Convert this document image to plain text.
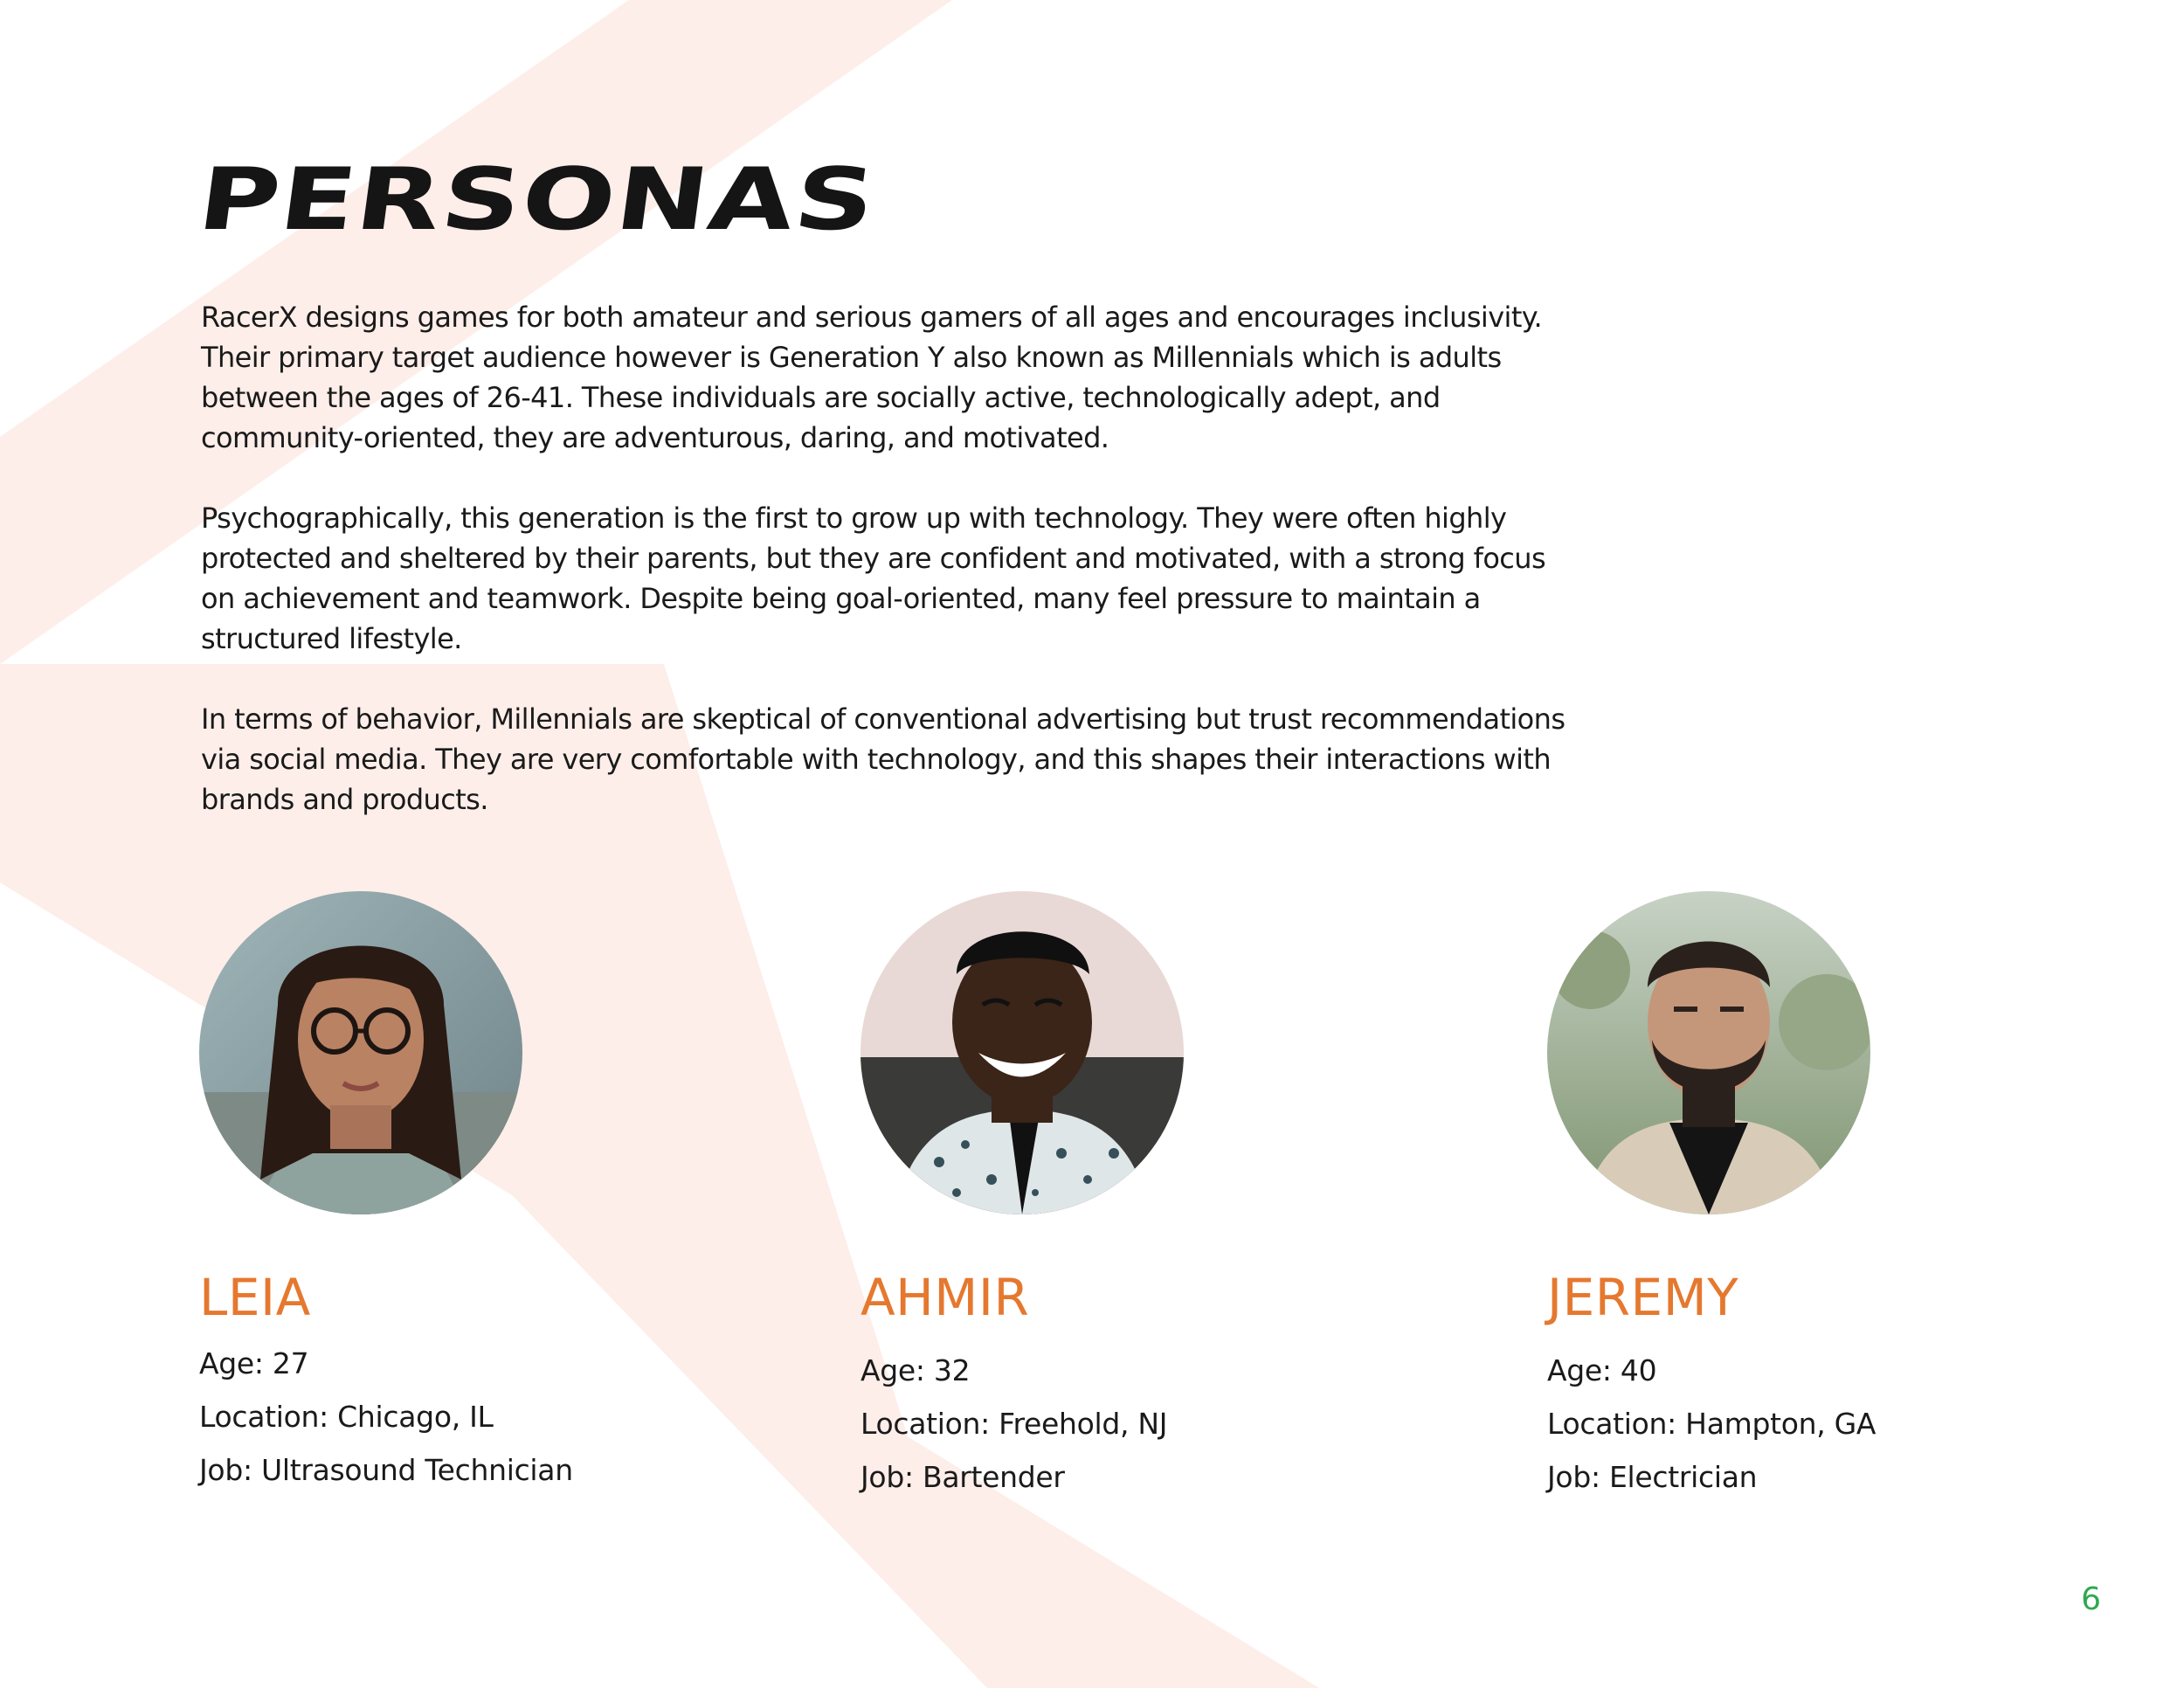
PERSONAS

RacerX designs games for both amateur and serious gamers of all ages and encourages inclusivity. Their primary target audience however is Generation Y also known as Millennials which is adults between the ages of 26-41. These individuals are socially active, technologically adept, and community-oriented, they are adventurous, daring, and motivated.

Psychographically, this generation is the first to grow up with technology. They were often highly protected and sheltered by their parents, but they are confident and motivated, with a strong focus on achievement and teamwork. Despite being goal-oriented, many feel pressure to maintain a structured lifestyle.

In terms of behavior, Millennials are skeptical of conventional advertising but trust recommendations via social media. They are very comfortable with technology, and this shapes their interactions with brands and products.

LEIA
Age: 27
Location: Chicago, IL
Job: Ultrasound Technician
AHMIR
Age: 32
Location: Freehold, NJ
Job: Bartender
JEREMY
Age: 40
Location: Hampton, GA
Job: Electrician
6
